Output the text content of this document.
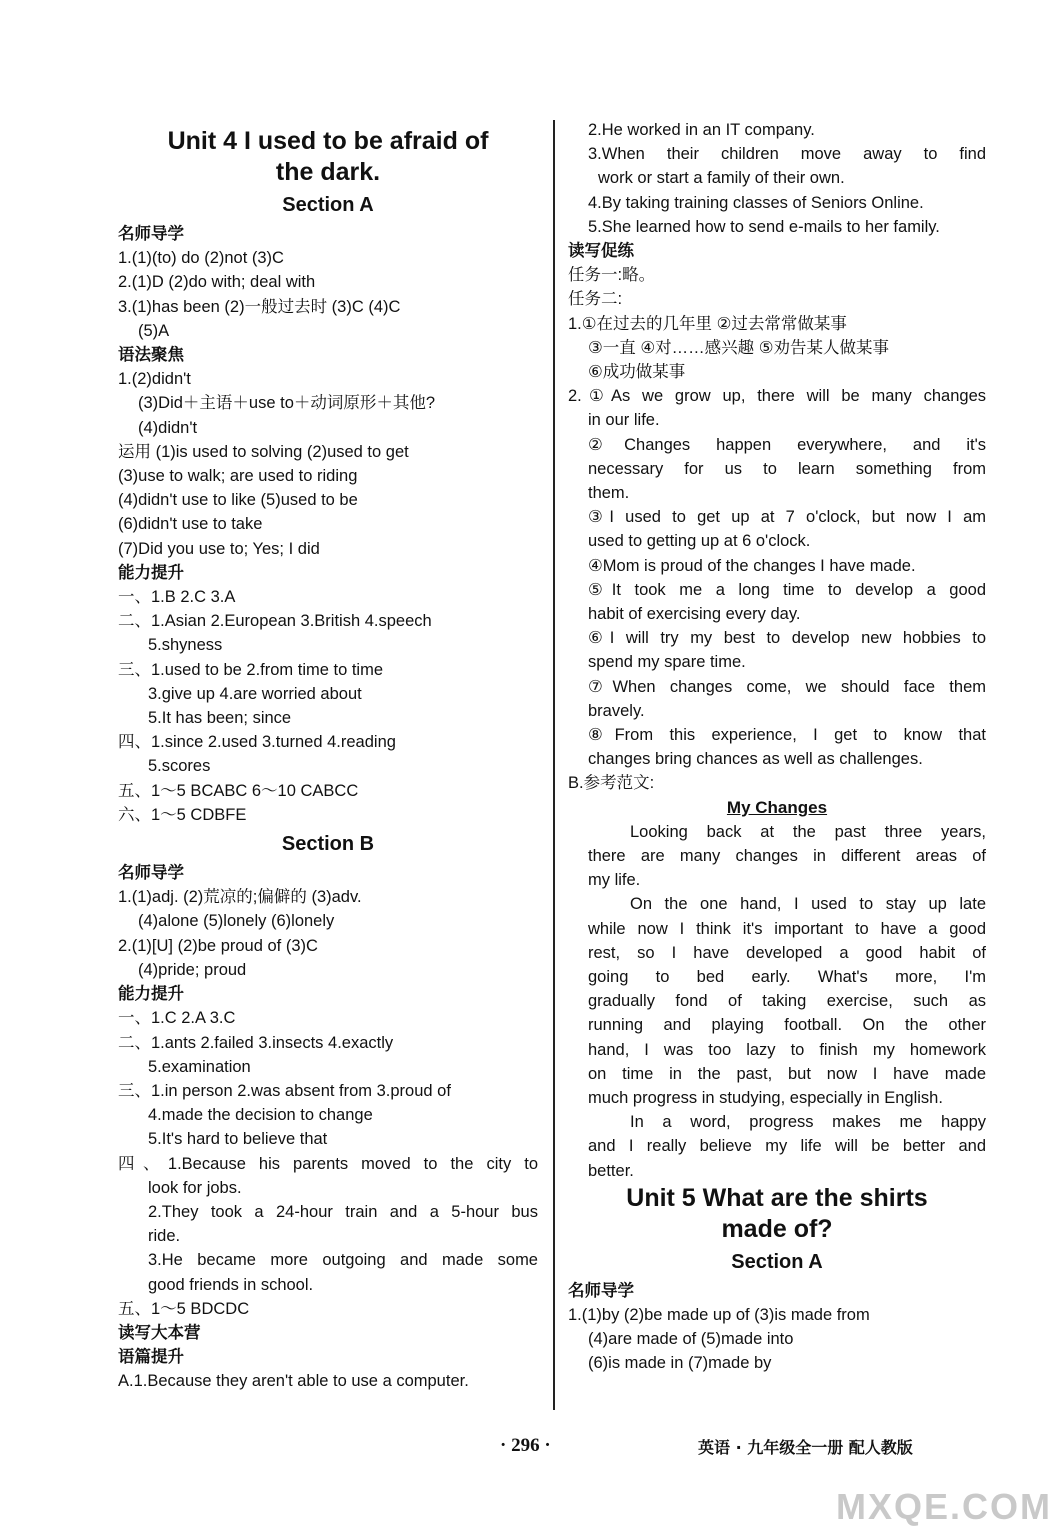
Unit 4 I used to be afraid of
the dark.
Section A
名师导学
1.(1)(to) do (2)not (3)C
2.(1)D (2)do with; deal with
3.(1)has been (2)一般过去时 (3)C (4)C
(5)A
语法聚焦
1.(2)didn't
(3)Did＋主语＋use to＋动词原形＋其他?
(4)didn't
运用 (1)is used to solving (2)used to get
(3)use to walk; are used to riding
(4)didn't use to like (5)used to be
(6)didn't use to take
(7)Did you use to; Yes; I did
能力提升
一、1.B 2.C 3.A
二、1.Asian 2.European 3.British 4.speech
5.shyness
三、1.used to be 2.from time to time
3.give up 4.are worried about
5.It has been; since
四、1.since 2.used 3.turned 4.reading
5.scores
五、1～5 BCABC 6～10 CABCC
六、1～5 CDBFE
Section B
名师导学
1.(1)adj. (2)荒凉的;偏僻的 (3)adv.
(4)alone (5)lonely (6)lonely
2.(1)[U] (2)be proud of (3)C
(4)pride; proud
能力提升
一、1.C 2.A 3.C
二、1.ants 2.failed 3.insects 4.exactly
5.examination
三、1.in person 2.was absent from 3.proud of
4.made the decision to change
5.It's hard to believe that
四、1.Because his parents moved to the city to
look for jobs.
2.They took a 24-hour train and a 5-hour bus
ride.
3.He became more outgoing and made some
good friends in school.
五、1～5 BDCDC
读写大本营
语篇提升
A.1.Because they aren't able to use a computer.
2.He worked in an IT company.
3.When their children move away to find
work or start a family of their own.
4.By taking training classes of Seniors Online.
5.She learned how to send e-mails to her family.
读写促练
任务一:略。
任务二:
1.①在过去的几年里 ②过去常常做某事
③一直 ④对……感兴趣 ⑤劝告某人做某事
⑥成功做某事
2.①As we grow up, there will be many changes
in our life.
②Changes happen everywhere, and it's
necessary for us to learn something from
them.
③I used to get up at 7 o'clock, but now I am
used to getting up at 6 o'clock.
④Mom is proud of the changes I have made.
⑤It took me a long time to develop a good
habit of exercising every day.
⑥I will try my best to develop new hobbies to
spend my spare time.
⑦When changes come, we should face them
bravely.
⑧From this experience, I get to know that
changes bring chances as well as challenges.
B.参考范文:
My Changes
Looking back at the past three years,
there are many changes in different areas of
my life.
On the one hand, I used to stay up late
while now I think it's important to have a good
rest, so I have developed a good habit of
going to bed early. What's more, I'm
gradually fond of taking exercise, such as
running and playing football. On the other
hand, I was too lazy to finish my homework
on time in the past, but now I have made
much progress in studying, especially in English.
In a word, progress makes me happy
and I really believe my life will be better and
better.
Unit 5 What are the shirts
made of?
Section A
名师导学
1.(1)by (2)be made up of (3)is made from
(4)are made of (5)made into
(6)is made in (7)made by
· 296 ·	英语 · 九年级全一册 配人教版
MXQE.COM
